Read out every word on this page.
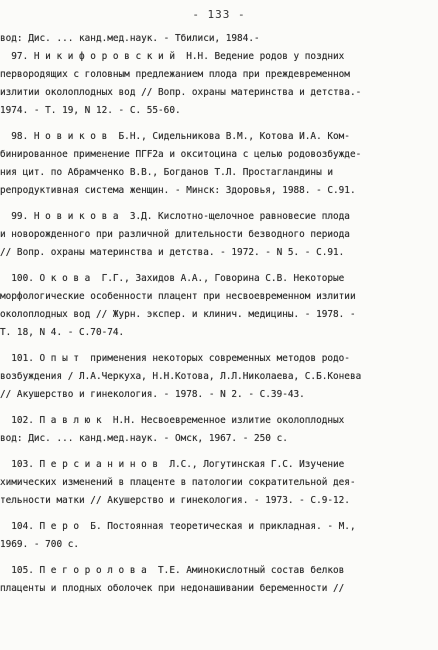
- 133 -
вод: Дис. ... канд.мед.наук. - Тбилиси, 1984.-
97. Н и к и ф о р о в с к и й  Н.Н. Ведение родов у поздних
первородящих с головным предлежанием плода при преждевременном
излитии околоплодных вод // Вопр. охраны материнства и детства.-
1974. - Т. 19, N 12. - С. 55-60.
98. Н о в и к о в  Б.Н., Сидельникова В.М., Котова И.А. Ком-
бинированное применение ПГF2a и окситоцина с целью родовозбужде-
ния цит. по Абрамченко В.В., Богданов Т.Л. Простагландины и
репродуктивная система женщин. - Минск: Здоровья, 1988. - С.91.
99. Н о в и к о в а  З.Д. Кислотно-щелочное равновесие плода
и новорожденного при различной длительности безводного периода
// Вопр. охраны материнства и детства. - 1972. - N 5. - С.91.
100. О к о в а  Г.Г., Захидов А.А., Говорина С.В. Некоторые
морфологические особенности плацент при несвоевременном излитии
околоплодных вод // Журн. экспер. и клинич. медицины. - 1978. -
Т. 18, N 4. - С.70-74.
101. О п ы т  применения некоторых современных методов родо-
возбуждения / Л.А.Черкуха, Н.Н.Котова, Л.Л.Николаева, С.Б.Конева
// Акушерство и гинекология. - 1978. - N 2. - С.39-43.
102. П а в л ю к  Н.Н. Несвоевременное излитие околоплодных
вод: Дис. ... канд.мед.наук. - Омск, 1967. - 250 с.
103. П е р с и а н и н о в  Л.С., Логутинская Г.С. Изучение
химических изменений в плаценте в патологии сократительной дея-
тельности матки // Акушерство и гинекология. - 1973. - С.9-12.
104. П е р о  Б. Постоянная теоретическая и прикладная. - М.,
1969. - 700 с.
105. П е г о р о л о в а  Т.Е. Аминокислотный состав белков
плаценты и плодных оболочек при недонашивании беременности //
